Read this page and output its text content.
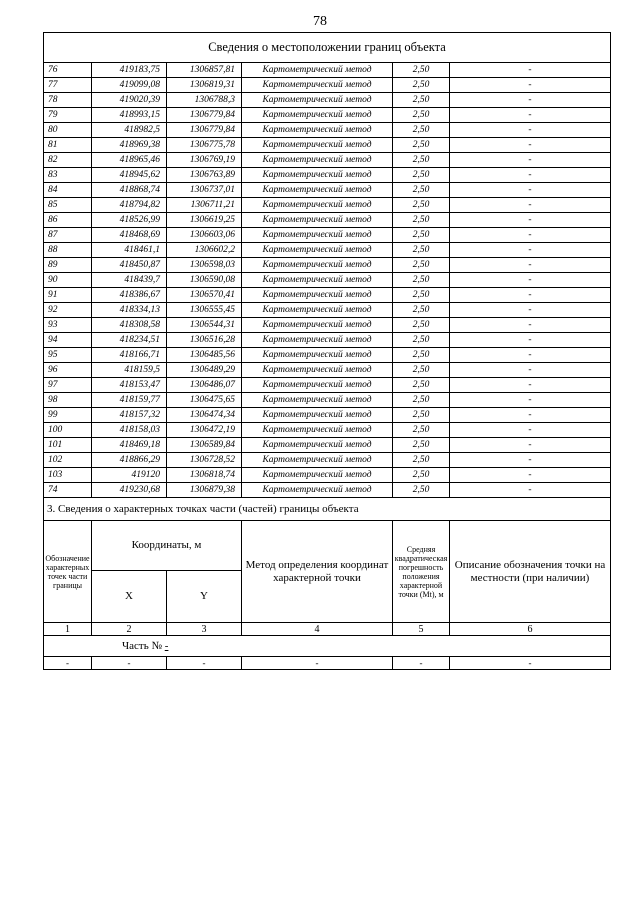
78
Сведения о местоположении границ объекта					
76	419183,75	1306857,81	Картометрический метод	2,50	-
77	419099,08	1306819,31	Картометрический метод	2,50	-
78	419020,39	1306788,3	Картометрический метод	2,50	-
79	418993,15	1306779,84	Картометрический метод	2,50	-
80	418982,5	1306779,84	Картометрический метод	2,50	-
81	418969,38	1306775,78	Картометрический метод	2,50	-
82	418965,46	1306769,19	Картометрический метод	2,50	-
83	418945,62	1306763,89	Картометрический метод	2,50	-
84	418868,74	1306737,01	Картометрический метод	2,50	-
85	418794,82	1306711,21	Картометрический метод	2,50	-
86	418526,99	1306619,25	Картометрический метод	2,50	-
87	418468,69	1306603,06	Картометрический метод	2,50	-
88	418461,1	1306602,2	Картометрический метод	2,50	-
89	418450,87	1306598,03	Картометрический метод	2,50	-
90	418439,7	1306590,08	Картометрический метод	2,50	-
91	418386,67	1306570,41	Картометрический метод	2,50	-
92	418334,13	1306555,45	Картометрический метод	2,50	-
93	418308,58	1306544,31	Картометрический метод	2,50	-
94	418234,51	1306516,28	Картометрический метод	2,50	-
95	418166,71	1306485,56	Картометрический метод	2,50	-
96	418159,5	1306489,29	Картометрический метод	2,50	-
97	418153,47	1306486,07	Картометрический метод	2,50	-
98	418159,77	1306475,65	Картометрический метод	2,50	-
99	418157,32	1306474,34	Картометрический метод	2,50	-
100	418158,03	1306472,19	Картометрический метод	2,50	-
101	418469,18	1306589,84	Картометрический метод	2,50	-
102	418866,29	1306728,52	Картометрический метод	2,50	-
103	419120	1306818,74	Картометрический метод	2,50	-
74	419230,68	1306879,38	Картометрический метод	2,50	-
3. Сведения о характерных точках части (частей) границы объекта					
Обозначение характерных точек части границы	Координаты, м		Метод определения координат характерной точки	Средняя квадратическая погрешность положения характерной точки (Mt), м	Описание обозначения точки на местности (при наличии)
	X	Y			
1	2	3	4	5	6
Часть № -					
-	-	-	-	-	-
